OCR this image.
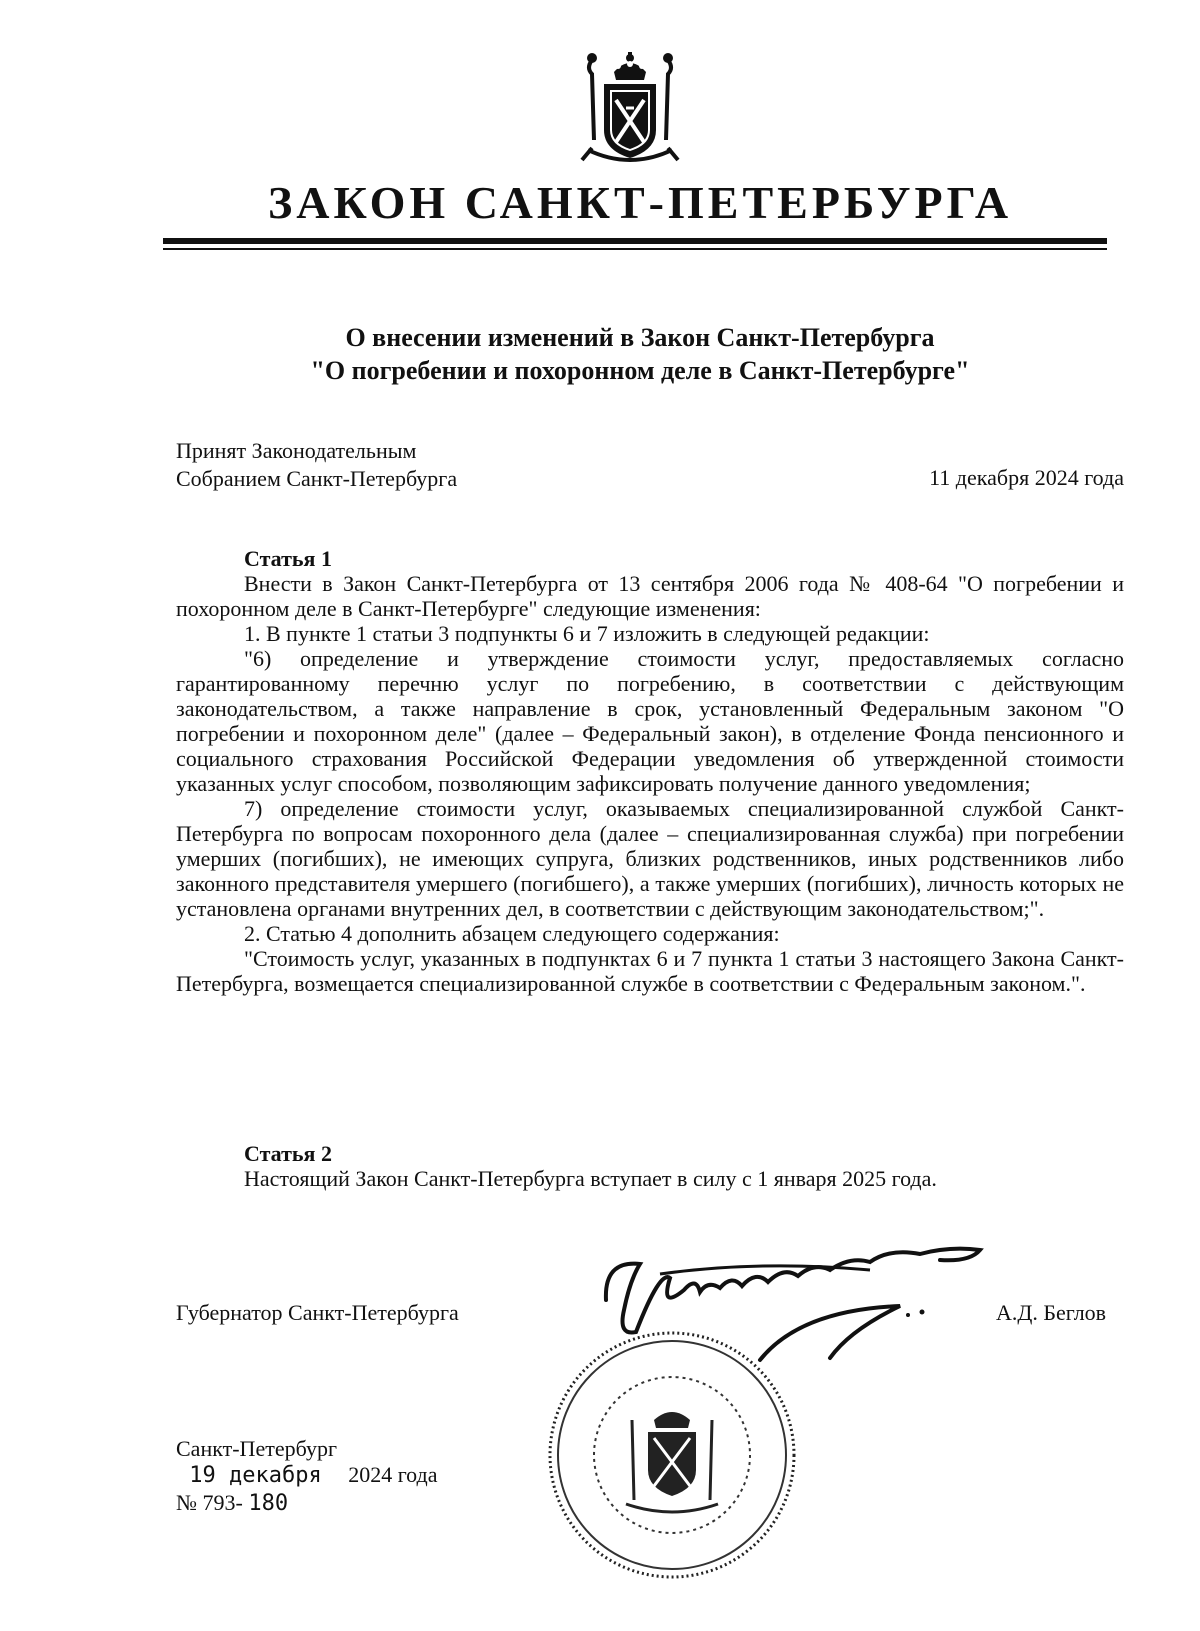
ЗАКОН САНКТ-ПЕТЕРБУРГА
О внесении изменений в Закон Санкт-Петербурга
"О погребении и похоронном деле в Санкт-Петербурге"
Принят Законодательным
Собранием Санкт-Петербурга	11 декабря 2024 года

Статья 1

Внести в Закон Санкт-Петербурга от 13 сентября 2006 года № 408-64 "О погребении и похоронном деле в Санкт-Петербурге" следующие изменения:

1. В пункте 1 статьи 3 подпункты 6 и 7 изложить в следующей редакции:

"6) определение и утверждение стоимости услуг, предоставляемых согласно гарантированному перечню услуг по погребению, в соответствии с действующим законодательством, а также направление в срок, установленный Федеральным законом "О погребении и похоронном деле" (далее – Федеральный закон), в отделение Фонда пенсионного и социального страхования Российской Федерации уведомления об утвержденной стоимости указанных услуг способом, позволяющим зафиксировать получение данного уведомления;

7) определение стоимости услуг, оказываемых специализированной службой Санкт-Петербурга по вопросам похоронного дела (далее – специализированная служба) при погребении умерших (погибших), не имеющих супруга, близких родственников, иных родственников либо законного представителя умершего (погибшего), а также умерших (погибших), личность которых не установлена органами внутренних дел, в соответствии с действующим законодательством;".

2. Статью 4 дополнить абзацем следующего содержания:

"Стоимость услуг, указанных в подпунктах 6 и 7 пункта 1 статьи 3 настоящего Закона Санкт-Петербурга, возмещается специализированной службе в соответствии с Федеральным законом.".

Статья 2

Настоящий Закон Санкт-Петербурга вступает в силу с 1 января 2025 года.

Губернатор Санкт-Петербурга	А.Д. Беглов
Санкт-Петербург
19 декабря 2024 года
№ 793- 180
